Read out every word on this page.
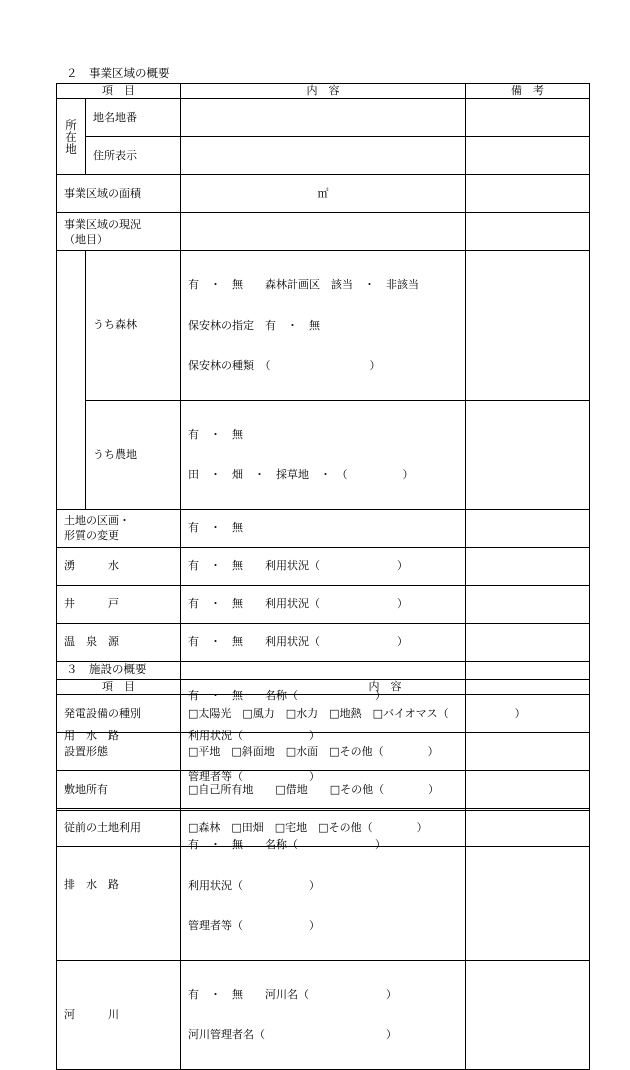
２　事業区域の概要
項　目		内　容	備　考

所
在
地	地名地番		
	住所表示		
事業区域の面積		㎡	

事業区域の現況
（地目）			

	うち森林	有　・　無　　森林計画区　該当　・　非該当

保安林の指定　有　・　無

保安林の種類　（　　　　　　　　　）	

	うち農地	有　・　無

田　・　畑　・　採草地　・　（　　　　　）	

土地の区画・
形質の変更		有　・　無	
湧　　　水		有　・　無　　利用状況（　　　　　　　）	
井　　　戸		有　・　無　　利用状況（　　　　　　　）	
温　泉　源		有　・　無　　利用状況（　　　　　　　）	
用　水　路		有　・　無　　名称（　　　　　　　）

利用状況（　　　　　　）

管理者等（　　　　　　）	

排　水　路		有　・　無　　名称（　　　　　　　）

利用状況（　　　　　　）

管理者等（　　　　　　）	

河　　　川		有　・　無　　河川名（　　　　　　　）

河川管理者名（　　　　　　　　　　　）	

３　施設の概要
項　目	内　容
発電設備の種別	□太陽光　□風力　□水力　□地熱　□バイオマス（　　　　　　）
設置形態	□平地　□斜面地　□水面　□その他（　　　　）
敷地所有	□自己所有地　　□借地　　□その他（　　　　）
従前の土地利用	□森林　□田畑　□宅地　□その他（　　　　）
